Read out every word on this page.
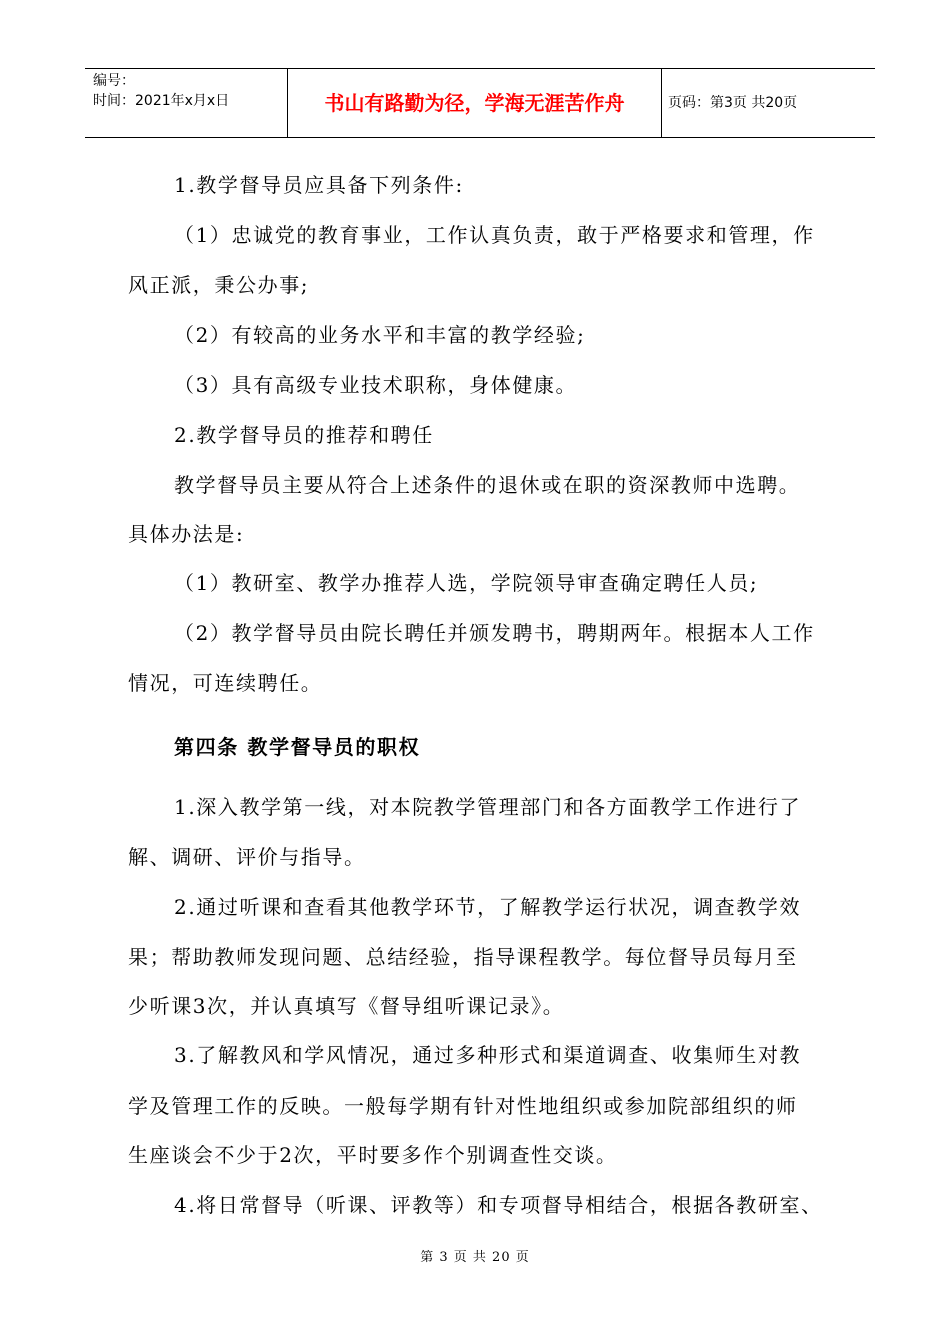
编号：
时间：2021年x月x日	书山有路勤为径，学海无涯苦作舟	页码：第3页 共20页
1.教学督导员应具备下列条件:
（1）忠诚党的教育事业，工作认真负责，敢于严格要求和管理，作
风正派，秉公办事;
（2）有较高的业务水平和丰富的教学经验;
（3）具有高级专业技术职称，身体健康。
2.教学督导员的推荐和聘任
教学督导员主要从符合上述条件的退休或在职的资深教师中选聘。
具体办法是:
（1）教研室、教学办推荐人选，学院领导审查确定聘任人员;
（2）教学督导员由院长聘任并颁发聘书，聘期两年。根据本人工作
情况，可连续聘任。
第四条 教学督导员的职权
1.深入教学第一线，对本院教学管理部门和各方面教学工作进行了
解、调研、评价与指导。
2.通过听课和查看其他教学环节，了解教学运行状况，调查教学效
果；帮助教师发现问题、总结经验，指导课程教学。每位督导员每月至
少听课3次，并认真填写《督导组听课记录》。
3.了解教风和学风情况，通过多种形式和渠道调查、收集师生对教
学及管理工作的反映。一般每学期有针对性地组织或参加院部组织的师
生座谈会不少于2次，平时要多作个别调查性交谈。
4.将日常督导（听课、评教等）和专项督导相结合，根据各教研室、
第 3 页 共 20 页
